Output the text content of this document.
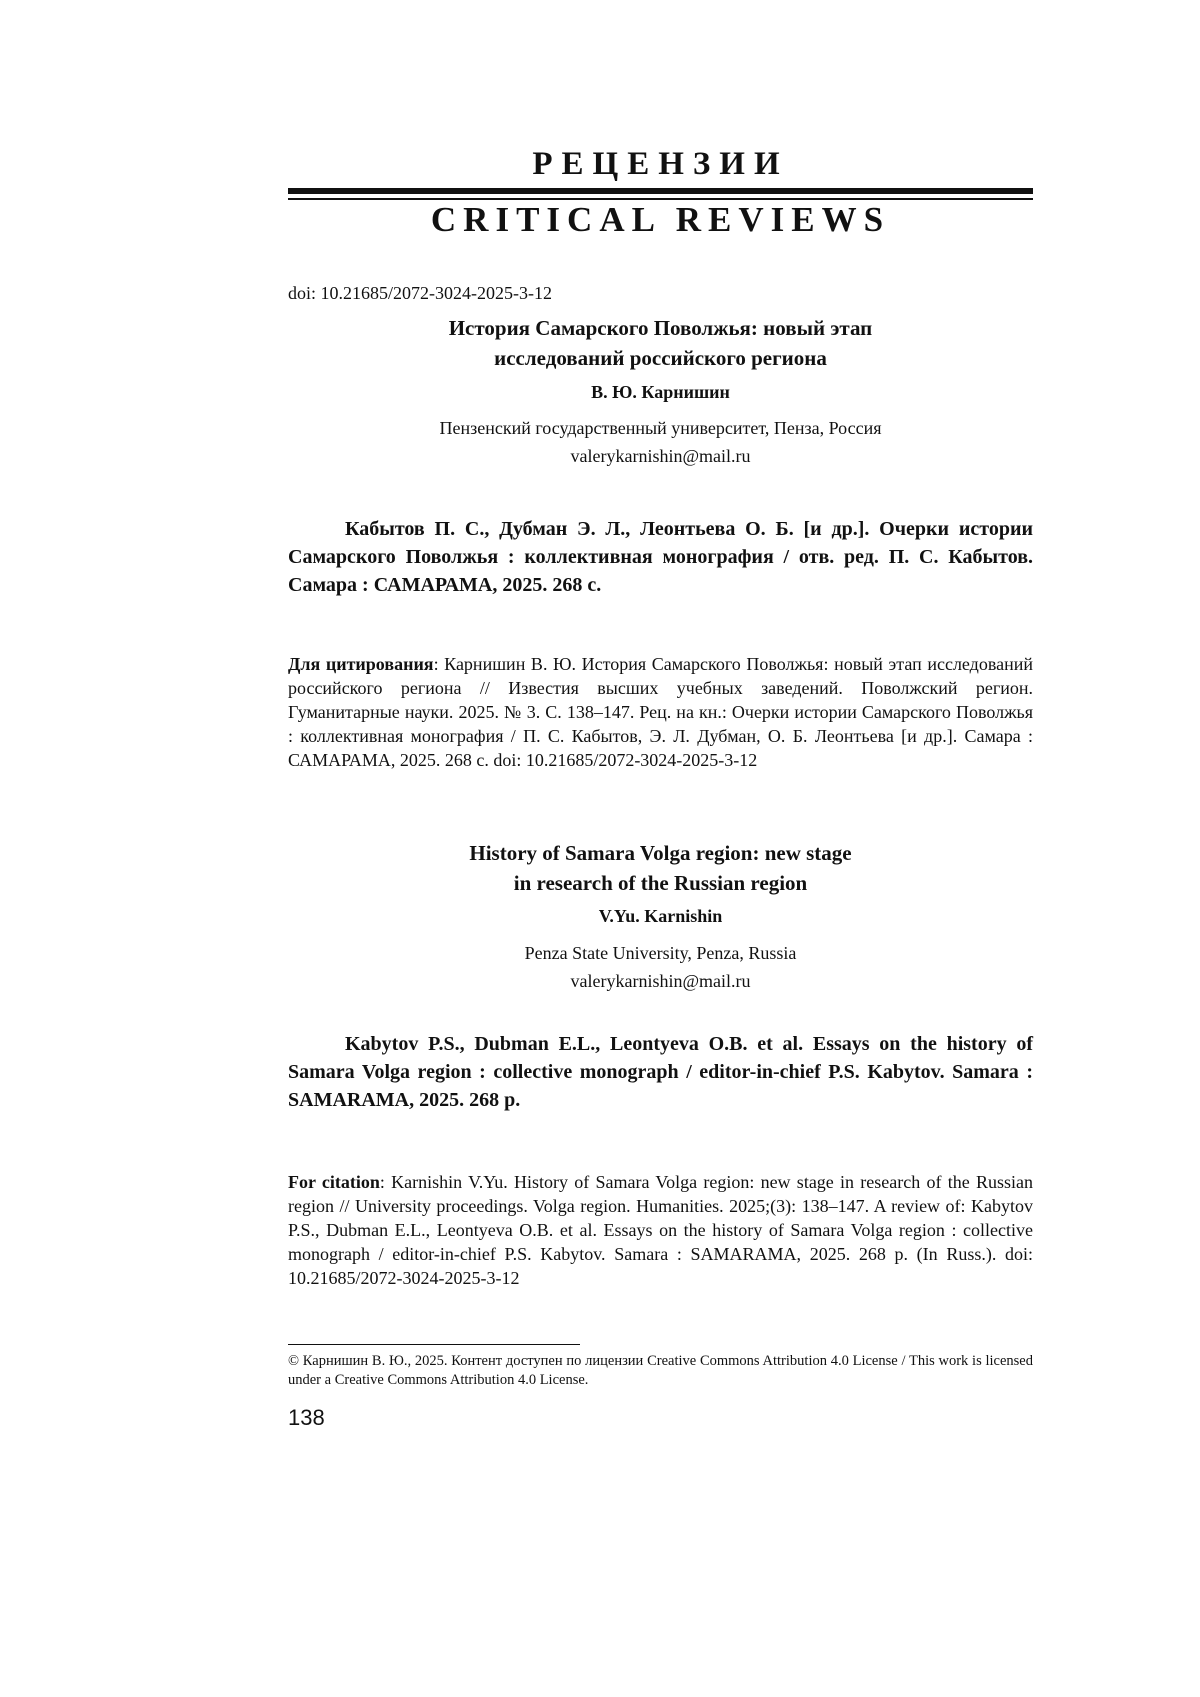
РЕЦЕНЗИИ
CRITICAL REVIEWS
doi: 10.21685/2072-3024-2025-3-12
История Самарского Поволжья: новый этап
исследований российского региона
В. Ю. Карнишин
Пензенский государственный университет, Пенза, Россия
valerykarnishin@mail.ru
Кабытов П. С., Дубман Э. Л., Леонтьева О. Б. [и др.]. Очерки истории Самарского Поволжья : коллективная монография / отв. ред. П. С. Кабытов. Самара : САМАРАМА, 2025. 268 с.
Для цитирования: Карнишин В. Ю. История Самарского Поволжья: новый этап исследований российского региона // Известия высших учебных заведений. Поволжский регион. Гуманитарные науки. 2025. № 3. С. 138–147. Рец. на кн.: Очерки истории Самарского Поволжья : коллективная монография / П. С. Кабытов, Э. Л. Дубман, О. Б. Леонтьева [и др.]. Самара : САМАРАМА, 2025. 268 с. doi: 10.21685/2072-3024-2025-3-12
History of Samara Volga region: new stage
in research of the Russian region
V.Yu. Karnishin
Penza State University, Penza, Russia
valerykarnishin@mail.ru
Kabytov P.S., Dubman E.L., Leontyeva O.B. et al. Essays on the history of Samara Volga region : collective monograph / editor-in-chief P.S. Kabytov. Samara : SAMARAMA, 2025. 268 p.
For citation: Karnishin V.Yu. History of Samara Volga region: new stage in research of the Russian region // University proceedings. Volga region. Humanities. 2025;(3): 138–147. A review of: Kabytov P.S., Dubman E.L., Leontyeva O.B. et al. Essays on the history of Samara Volga region : collective monograph / editor-in-chief P.S. Kabytov. Samara : SAMARAMA, 2025. 268 p. (In Russ.). doi: 10.21685/2072-3024-2025-3-12
© Карнишин В. Ю., 2025. Контент доступен по лицензии Creative Commons Attribution 4.0 License / This work is licensed under a Creative Commons Attribution 4.0 License.
138
